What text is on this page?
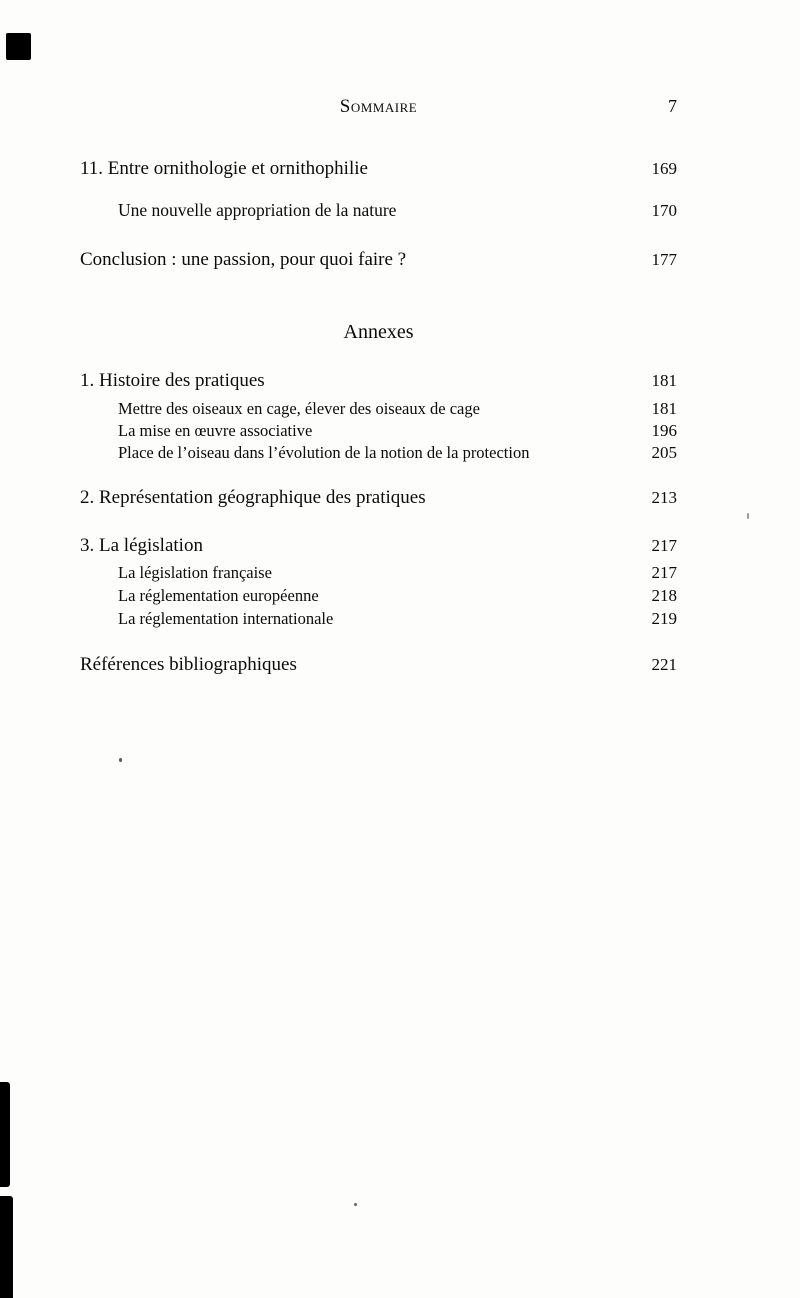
Sommaire	7
11. Entre ornithologie et ornithophilie	169
Une nouvelle appropriation de la nature	170
Conclusion : une passion, pour quoi faire ?	177
Annexes
1. Histoire des pratiques	181
Mettre des oiseaux en cage, élever des oiseaux de cage	181
La mise en œuvre associative	196
Place de l’oiseau dans l’évolution de la notion de la protection	205
2. Représentation géographique des pratiques	213
3. La législation	217
La législation française	217
La réglementation européenne	218
La réglementation internationale	219
Références bibliographiques	221
